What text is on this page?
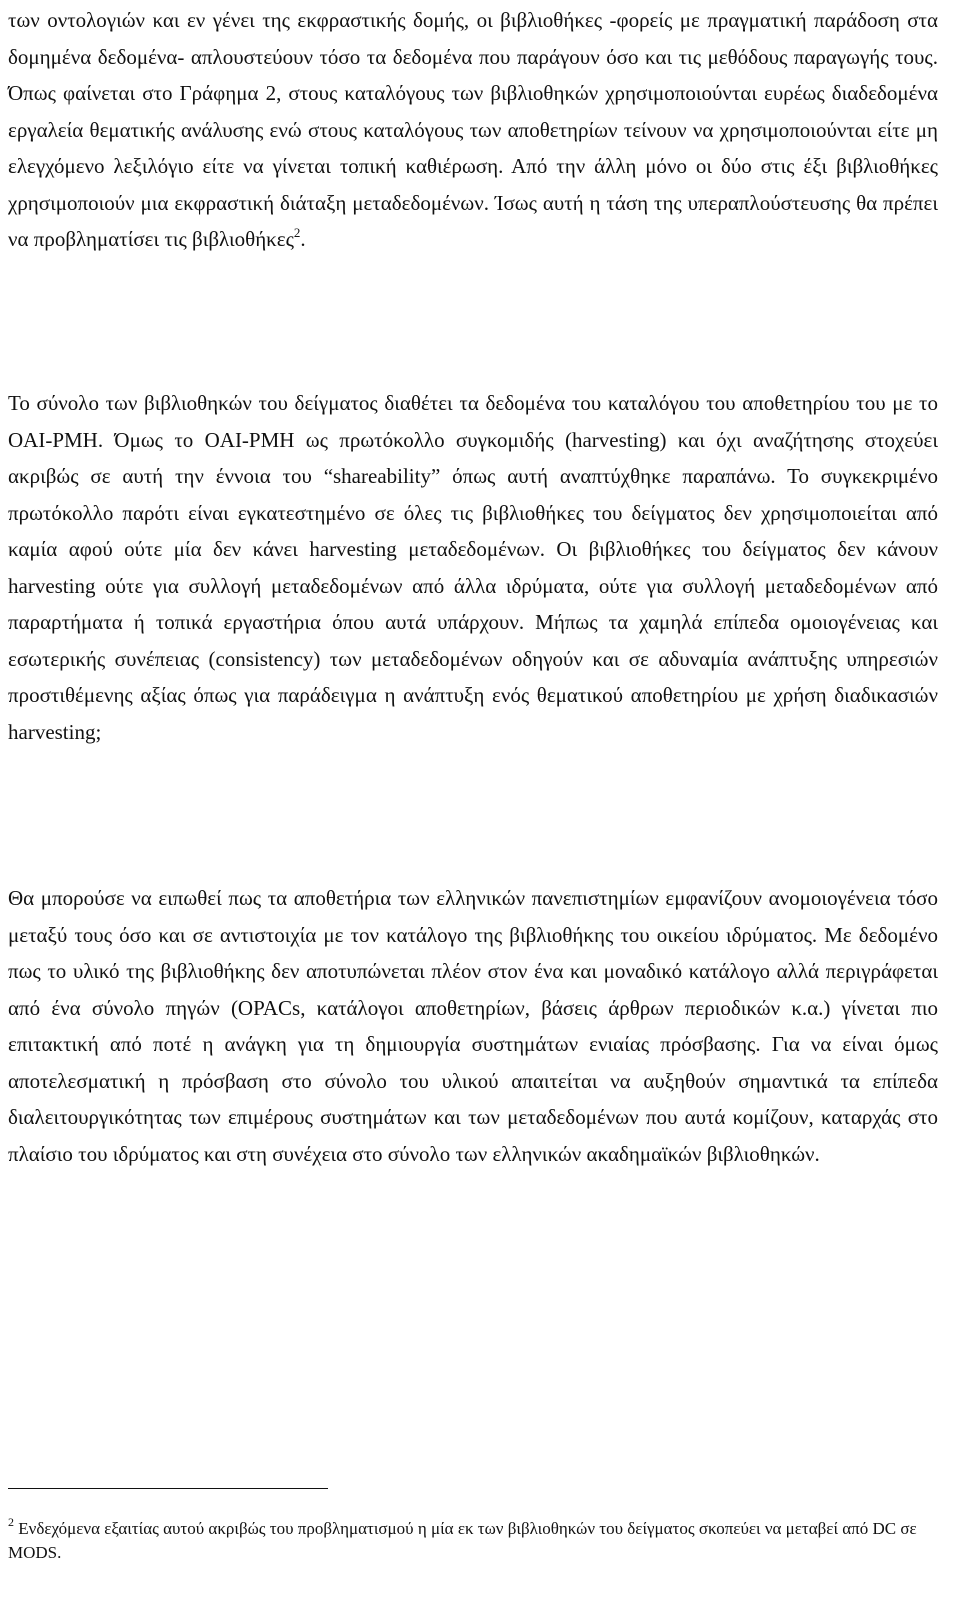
των οντολογιών και εν γένει της εκφραστικής δομής, οι βιβλιοθήκες -φορείς με πραγματική παράδοση στα δομημένα δεδομένα- απλουστεύουν τόσο τα δεδομένα που παράγουν όσο και τις μεθόδους παραγωγής τους. Όπως φαίνεται στο Γράφημα 2, στους καταλόγους των βιβλιοθηκών χρησιμοποιούνται ευρέως διαδεδομένα εργαλεία θεματικής ανάλυσης ενώ στους καταλόγους των αποθετηρίων τείνουν να χρησιμοποιούνται είτε μη ελεγχόμενο λεξιλόγιο είτε να γίνεται τοπική καθιέρωση. Από την άλλη μόνο οι δύο στις έξι βιβλιοθήκες χρησιμοποιούν μια εκφραστική διάταξη μεταδεδομένων. Ίσως αυτή η τάση της υπεραπλούστευσης θα πρέπει να προβληματίσει τις βιβλιοθήκες$^2$.

Το σύνολο των βιβλιοθηκών του δείγματος διαθέτει τα δεδομένα του καταλόγου του αποθετηρίου του με το OAI-PMH. Όμως το OAI-PMH ως πρωτόκολλο συγκομιδής (harvesting) και όχι αναζήτησης στοχεύει ακριβώς σε αυτή την έννοια του “shareability” όπως αυτή αναπτύχθηκε παραπάνω. Το συγκεκριμένο πρωτόκολλο παρότι είναι εγκατεστημένο σε όλες τις βιβλιοθήκες του δείγματος δεν χρησιμοποιείται από καμία αφού ούτε μία δεν κάνει harvesting μεταδεδομένων. Οι βιβλιοθήκες του δείγματος δεν κάνουν harvesting ούτε για συλλογή μεταδεδομένων από άλλα ιδρύματα, ούτε για συλλογή μεταδεδομένων από παραρτήματα ή τοπικά εργαστήρια όπου αυτά υπάρχουν. Μήπως τα χαμηλά επίπεδα ομοιογένειας και εσωτερικής συνέπειας (consistency) των μεταδεδομένων οδηγούν και σε αδυναμία ανάπτυξης υπηρεσιών προστιθέμενης αξίας όπως για παράδειγμα η ανάπτυξη ενός θεματικού αποθετηρίου με χρήση διαδικασιών harvesting;

Θα μπορούσε να ειπωθεί πως τα αποθετήρια των ελληνικών πανεπιστημίων εμφανίζουν ανομοιογένεια τόσο μεταξύ τους όσο και σε αντιστοιχία με τον κατάλογο της βιβλιοθήκης του οικείου ιδρύματος. Με δεδομένο πως το υλικό της βιβλιοθήκης δεν αποτυπώνεται πλέον στον ένα και μοναδικό κατάλογο αλλά περιγράφεται από ένα σύνολο πηγών (OPACs, κατάλογοι αποθετηρίων, βάσεις άρθρων περιοδικών κ.α.) γίνεται πιο επιτακτική από ποτέ η ανάγκη για τη δημιουργία συστημάτων ενιαίας πρόσβασης. Για να είναι όμως αποτελεσματική η πρόσβαση στο σύνολο του υλικού απαιτείται να αυξηθούν σημαντικά τα επίπεδα διαλειτουργικότητας των επιμέρους συστημάτων και των μεταδεδομένων που αυτά κομίζουν, καταρχάς στο πλαίσιο του ιδρύματος και στη συνέχεια στο σύνολο των ελληνικών ακαδημαϊκών βιβλιοθηκών.

$^2$ Ενδεχόμενα εξαιτίας αυτού ακριβώς του προβληματισμού η μία εκ των βιβλιοθηκών του δείγματος σκοπεύει να μεταβεί από DC σε MODS.
